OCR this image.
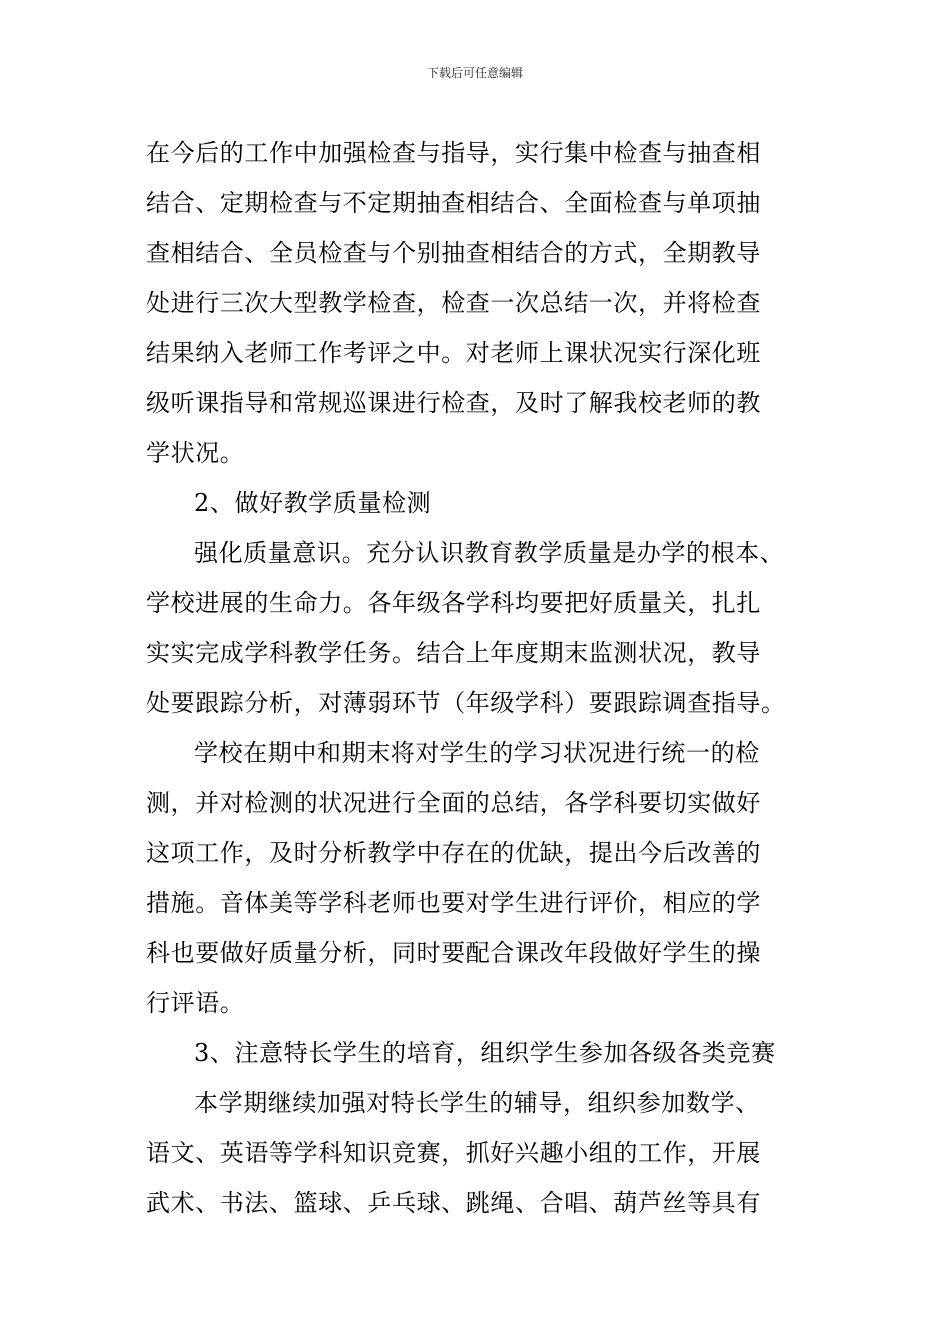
下载后可任意编辑
在今后的工作中加强检查与指导，实行集中检查与抽查相
结合、定期检查与不定期抽查相结合、全面检查与单项抽
查相结合、全员检查与个别抽查相结合的方式，全期教导
处进行三次大型教学检查，检查一次总结一次，并将检查
结果纳入老师工作考评之中。对老师上课状况实行深化班
级听课指导和常规巡课进行检查，及时了解我校老师的教
学状况。
2、做好教学质量检测
强化质量意识。充分认识教育教学质量是办学的根本、
学校进展的生命力。各年级各学科均要把好质量关，扎扎
实实完成学科教学任务。结合上年度期末监测状况，教导
处要跟踪分析，对薄弱环节（年级学科）要跟踪调查指导。
学校在期中和期末将对学生的学习状况进行统一的检
测，并对检测的状况进行全面的总结，各学科要切实做好
这项工作，及时分析教学中存在的优缺，提出今后改善的
措施。音体美等学科老师也要对学生进行评价，相应的学
科也要做好质量分析，同时要配合课改年段做好学生的操
行评语。
3、注意特长学生的培育，组织学生参加各级各类竞赛
本学期继续加强对特长学生的辅导，组织参加数学、
语文、英语等学科知识竞赛，抓好兴趣小组的工作，开展
武术、书法、篮球、乒乓球、跳绳、合唱、葫芦丝等具有
